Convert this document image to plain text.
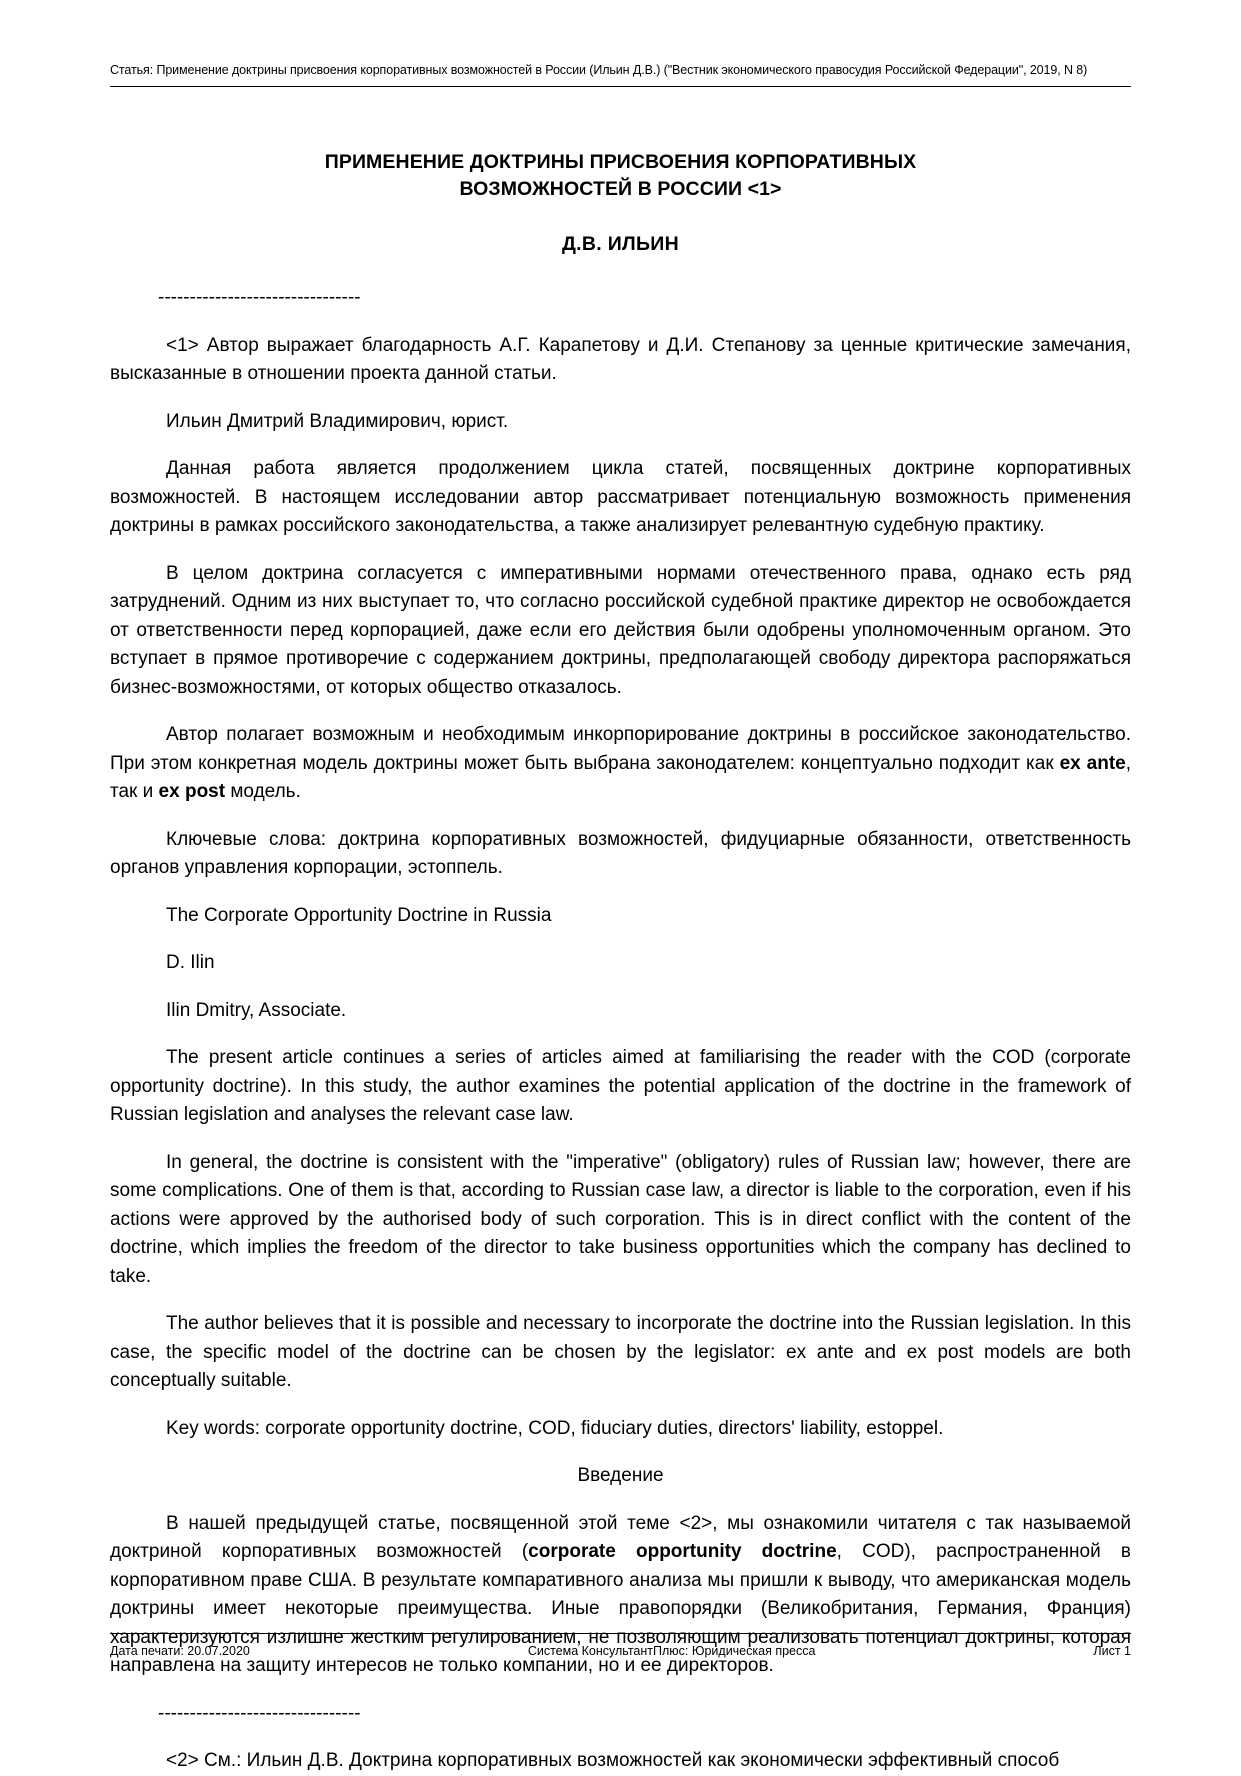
Статья: Применение доктрины присвоения корпоративных возможностей в России (Ильин Д.В.) ("Вестник экономического правосудия Российской Федерации", 2019, N 8)
ПРИМЕНЕНИЕ ДОКТРИНЫ ПРИСВОЕНИЯ КОРПОРАТИВНЫХ
ВОЗМОЖНОСТЕЙ В РОССИИ <1>
Д.В. ИЛЬИН
--------------------------------

<1> Автор выражает благодарность А.Г. Карапетову и Д.И. Степанову за ценные критические замечания, высказанные в отношении проекта данной статьи.

Ильин Дмитрий Владимирович, юрист.

Данная работа является продолжением цикла статей, посвященных доктрине корпоративных возможностей. В настоящем исследовании автор рассматривает потенциальную возможность применения доктрины в рамках российского законодательства, а также анализирует релевантную судебную практику.

В целом доктрина согласуется с императивными нормами отечественного права, однако есть ряд затруднений. Одним из них выступает то, что согласно российской судебной практике директор не освобождается от ответственности перед корпорацией, даже если его действия были одобрены уполномоченным органом. Это вступает в прямое противоречие с содержанием доктрины, предполагающей свободу директора распоряжаться бизнес-возможностями, от которых общество отказалось.

Автор полагает возможным и необходимым инкорпорирование доктрины в российское законодательство. При этом конкретная модель доктрины может быть выбрана законодателем: концептуально подходит как ex ante, так и ex post модель.

Ключевые слова: доктрина корпоративных возможностей, фидуциарные обязанности, ответственность органов управления корпорации, эстоппель.

The Corporate Opportunity Doctrine in Russia

D. Ilin

Ilin Dmitry, Associate.

The present article continues a series of articles aimed at familiarising the reader with the COD (corporate opportunity doctrine). In this study, the author examines the potential application of the doctrine in the framework of Russian legislation and analyses the relevant case law.

In general, the doctrine is consistent with the "imperative" (obligatory) rules of Russian law; however, there are some complications. One of them is that, according to Russian case law, a director is liable to the corporation, even if his actions were approved by the authorised body of such corporation. This is in direct conflict with the content of the doctrine, which implies the freedom of the director to take business opportunities which the company has declined to take.

The author believes that it is possible and necessary to incorporate the doctrine into the Russian legislation. In this case, the specific model of the doctrine can be chosen by the legislator: ex ante and ex post models are both conceptually suitable.

Key words: corporate opportunity doctrine, COD, fiduciary duties, directors' liability, estoppel.

Введение

В нашей предыдущей статье, посвященной этой теме <2>, мы ознакомили читателя с так называемой доктриной корпоративных возможностей (corporate opportunity doctrine, COD), распространенной в корпоративном праве США. В результате компаративного анализа мы пришли к выводу, что американская модель доктрины имеет некоторые преимущества. Иные правопорядки (Великобритания, Германия, Франция) характеризуются излишне жестким регулированием, не позволяющим реализовать потенциал доктрины, которая направлена на защиту интересов не только компании, но и ее директоров.

--------------------------------

<2> См.: Ильин Д.В. Доктрина корпоративных возможностей как экономически эффективный способ

Дата печати: 20.07.2020	Система КонсультантПлюс: Юридическая пресса	Лист 1
